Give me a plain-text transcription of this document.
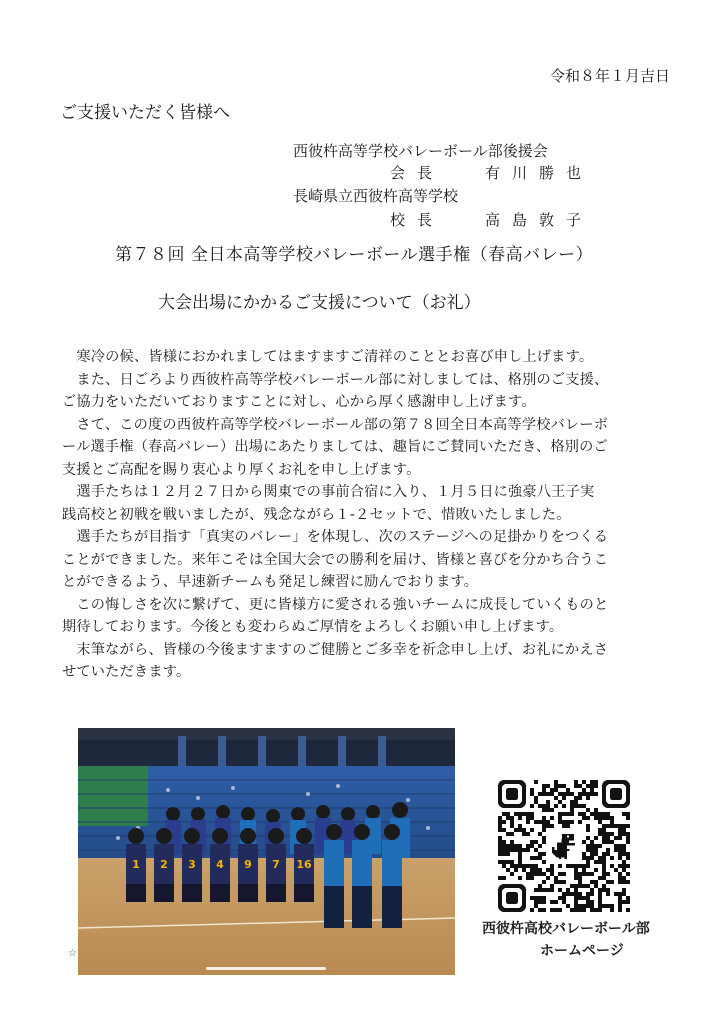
令和８年１月吉日
ご支援いただく皆様へ
西彼杵高等学校バレーボール部後援会
会長	有川勝也
長崎県立西彼杵高等学校
校長	高島敦子
第７８回 全日本高等学校バレーボール選手権（春高バレー）
大会出場にかかるご支援について（お礼）

　寒冷の候、皆様におかれましてはますますご清祥のこととお喜び申し上げます。

　また、日ごろより西彼杵高等学校バレーボール部に対しましては、格別のご支援、

ご協力をいただいておりますことに対し、心から厚く感謝申し上げます。

　さて、この度の西彼杵高等学校バレーボール部の第７８回全日本高等学校バレーボ

ール選手権（春高バレー）出場にあたりましては、趣旨にご賛同いただき、格別のご

支援とご高配を賜り衷心より厚くお礼を申し上げます。

　選手たちは１２月２７日から関東での事前合宿に入り、１月５日に強豪八王子実

践高校と初戦を戦いましたが、残念ながら１-２セットで、惜敗いたしました。

　選手たちが目指す「真実のバレー」を体現し、次のステージへの足掛かりをつくる

ことができました。来年こそは全国大会での勝利を届け、皆様と喜びを分かち合うこ

とができるよう、早速新チームも発足し練習に励んでおります。

　この悔しさを次に繋げて、更に皆様方に愛される強いチームに成長していくものと

期待しております。今後とも変わらぬご厚情をよろしくお願い申し上げます。

　末筆ながら、皆様の今後ますますのご健勝とご多幸を祈念申し上げ、お礼にかえさ

せていただきます。

1 2 3 4 9 7 16
☆
西彼杵高校バレーボール部
ホームページ
